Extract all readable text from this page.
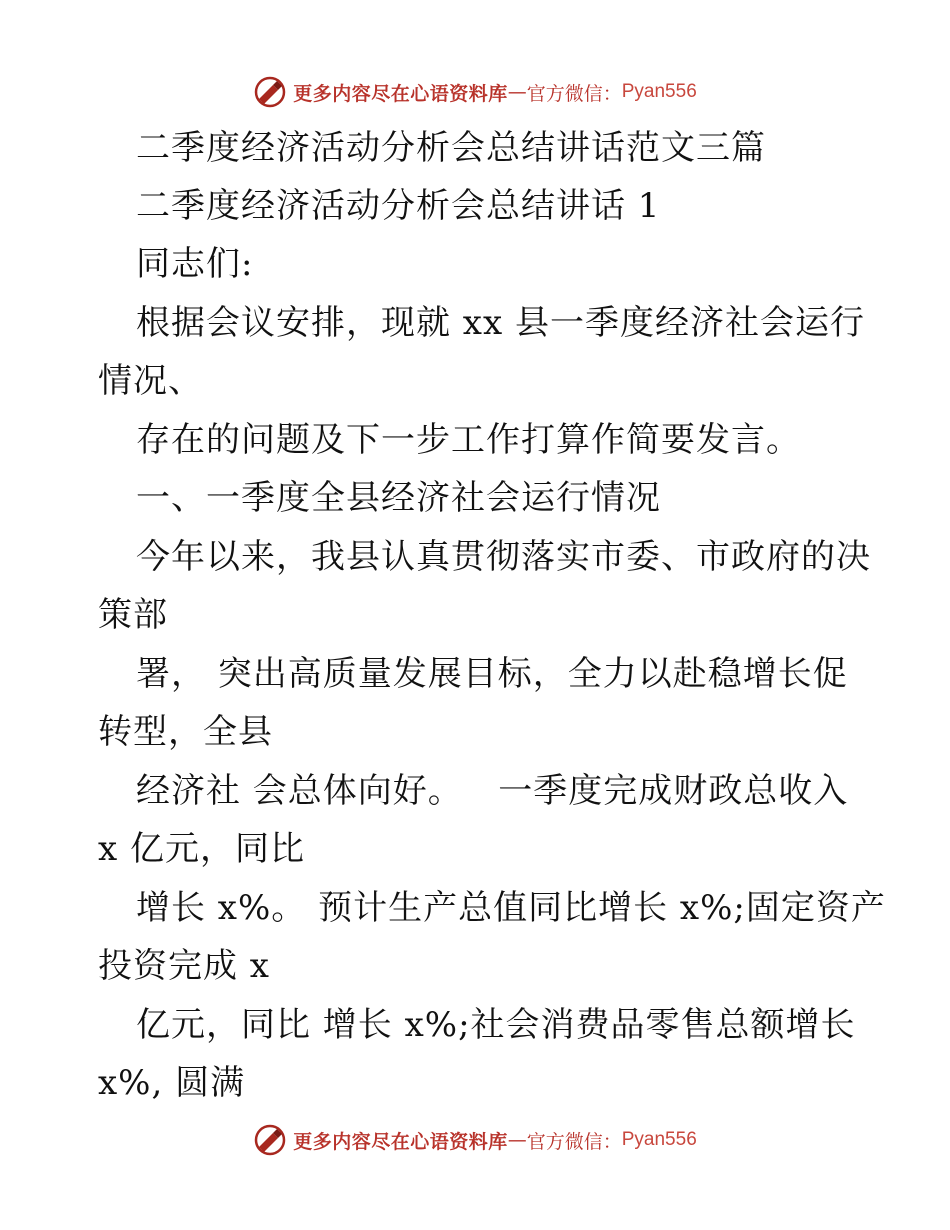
更多内容尽在心语资料库 — 官方微信： Pyan556
二季度经济活动分析会总结讲话范文三篇
二季度经济活动分析会总结讲话 1
同志们:
根据会议安排，现就 xx 县一季度经济社会运行
情况、
存在的问题及下一步工作打算作简要发言。
一、一季度全县经济社会运行情况
今年以来，我县认真贯彻落实市委、市政府的决
策部
署， 突出高质量发展目标，全力以赴稳增长促
转型，全县
经济社 会总体向好。   一季度完成财政总收入
x 亿元，同比
增长 x%。 预计生产总值同比增长 x%;固定资产
投资完成 x
亿元，同比 增长 x%;社会消费品零售总额增长
x%, 圆满
更多内容尽在心语资料库 — 官方微信： Pyan556
